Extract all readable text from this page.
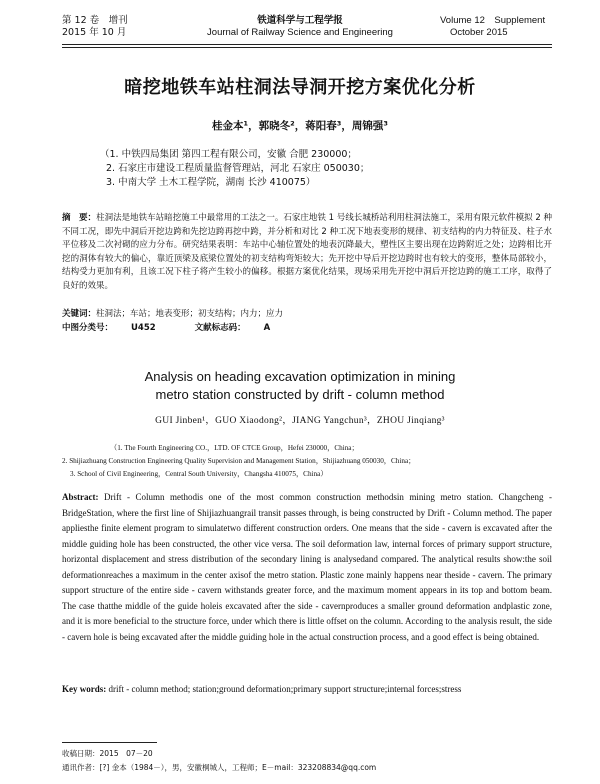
第 12 卷　增刊
2015 年 10 月
铁道科学与工程学报
Journal of Railway Science and Engineering
Volume 12　Supplement
October 2015
暗挖地铁车站柱洞法导洞开挖方案优化分析
桂金本¹，郭晓冬²，蒋阳春³，周锦强³
（1. 中铁四局集团 第四工程有限公司，安徽 合肥 230000；
2. 石家庄市建设工程质量监督管理站，河北 石家庄 050030；
3. 中南大学 土木工程学院，湖南 长沙 410075）
摘　要：柱洞法是地铁车站暗挖施工中最常用的工法之一。石家庄地铁 1 号线长城桥站利用柱洞法施工，采用有限元软件模拟 2 种不同工况，即先中洞后开挖边跨和先挖边跨再挖中跨，并分析和对比 2 种工况下地表变形的规律、初支结构的内力特征及、柱子水平位移及二次衬砌的应力分布。研究结果表明：车站中心轴位置处的地表沉降最大，塑性区主要出现在边跨附近之处；边跨相比开挖的洞体有较大的偏心，靠近顶梁及底梁位置处的初支结构弯矩较大；先开挖中导后开挖边跨时也有较大的变形，整体局部较小，结构受力更加有利，且该工况下柱子将产生较小的偏移。根据方案优化结果，现场采用先开挖中洞后开挖边跨的施工工序，取得了良好的效果。
关键词：柱洞法；车站；地表变形；初支结构；内力；应力
中图分类号： U452	文献标志码： A
Analysis on heading excavation optimization in mining
metro station constructed by drift - column method
GUI Jinben¹，GUO Xiaodong²，JIANG Yangchun³，ZHOU Jinqiang³
（1. The Fourth Engineering CO.，LTD. OF CTCE Group，Hefei 230000，China；
2. Shijiazhuang Construction Engineering Quality Supervision and Management Station，Shijiazhuang 050030，China；
3. School of Civil Engineering，Central South University，Changsha 410075，China）
Abstract: Drift - Column methodis one of the most common construction methodsin mining metro station. Changcheng - BridgeStation, where the first line of Shijiazhuangrail transit passes through, is being constructed by Drift - Column method. The paper appliesthe finite element program to simulatetwo different construction orders. One means that the side - cavern is excavated after the middle guiding hole has been constructed, the other vice versa. The soil deformation law, internal forces of primary support structure, horizontal displacement and stress distribution of the secondary lining is analysedand compared. The analytical results show:the soil deformationreaches a maximum in the center axisof the metro station. Plastic zone mainly happens near theside - cavern. The primary support structure of the entire side - cavern withstands greater force, and the maximum moment appears in its top and bottom beam. The case thatthe middle of the guide holeis excavated after the side - cavernproduces a smaller ground deformation andplastic zone, and it is more beneficial to the structure force, under which there is little offset on the column. According to the analysis result, the side - cavern hole is being excavated after the middle guiding hole in the actual construction process, and a good effect is being obtained.
Key words: drift - column method; station;ground deformation;primary support structure;internal forces;stress
收稿日期：2015　07－20
通讯作者：[?] 金本（1984－），男，安徽桐城人，工程师；E－mail：323208834@qq.com
